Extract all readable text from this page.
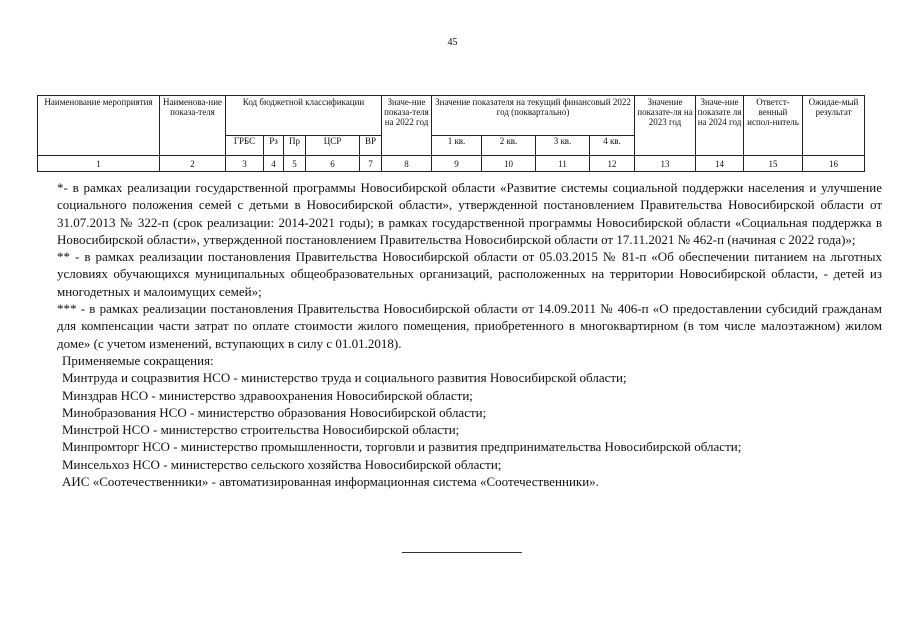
45
Наименование мероприятия	Наименова-ние показа-теля	Код бюджетной классификации					Значе-ние показа-теля на 2022 год	Значение показателя на текущий финансовый 2022 год (поквартально)				Значение показате-ля на 2023 год	Значе-ние показате ля на 2024 год	Ответст-венный испол-нитель	Ожидае-мый результат
		ГРБС	Рз	Пр	ЦСР	ВР		1 кв.	2 кв.	3 кв.	4 кв.				
1	2	3	4	5	6	7	8	9	10	11	12	13	14	15	16
*- в рамках реализации государственной программы Новосибирской области «Развитие системы социальной поддержки населения и улучшение социального положения семей с детьми в Новосибирской области», утвержденной постановлением Правительства Новосибирской области от 31.07.2013 № 322-п (срок реализации: 2014-2021 годы); в рамках государственной программы Новосибирской области «Социальная поддержка в Новосибирской области», утвержденной постановлением Правительства Новосибирской области от 17.11.2021 № 462-п (начиная с 2022 года)»;
** - в рамках реализации постановления Правительства Новосибирской области от 05.03.2015 № 81-п «Об обеспечении питанием на льготных условиях обучающихся муниципальных общеобразовательных организаций, расположенных на территории Новосибирской области, - детей из многодетных и малоимущих семей»;
*** - в рамках реализации постановления Правительства Новосибирской области от 14.09.2011 № 406-п «О предоставлении субсидий гражданам для компенсации части затрат по оплате стоимости жилого помещения, приобретенного в многоквартирном (в том числе малоэтажном) жилом доме» (с учетом изменений, вступающих в силу с 01.01.2018).
Применяемые сокращения:
Минтруда и соцразвития НСО - министерство труда и социального развития Новосибирской области;
Минздрав НСО - министерство здравоохранения Новосибирской области;
Минобразования НСО - министерство образования Новосибирской области;
Минстрой НСО - министерство строительства Новосибирской области;
Минпромторг НСО - министерство промышленности, торговли и развития предпринимательства Новосибирской области;
Минсельхоз НСО - министерство сельского хозяйства Новосибирской области;
АИС «Соотечественники» - автоматизированная информационная система «Соотечественники».
